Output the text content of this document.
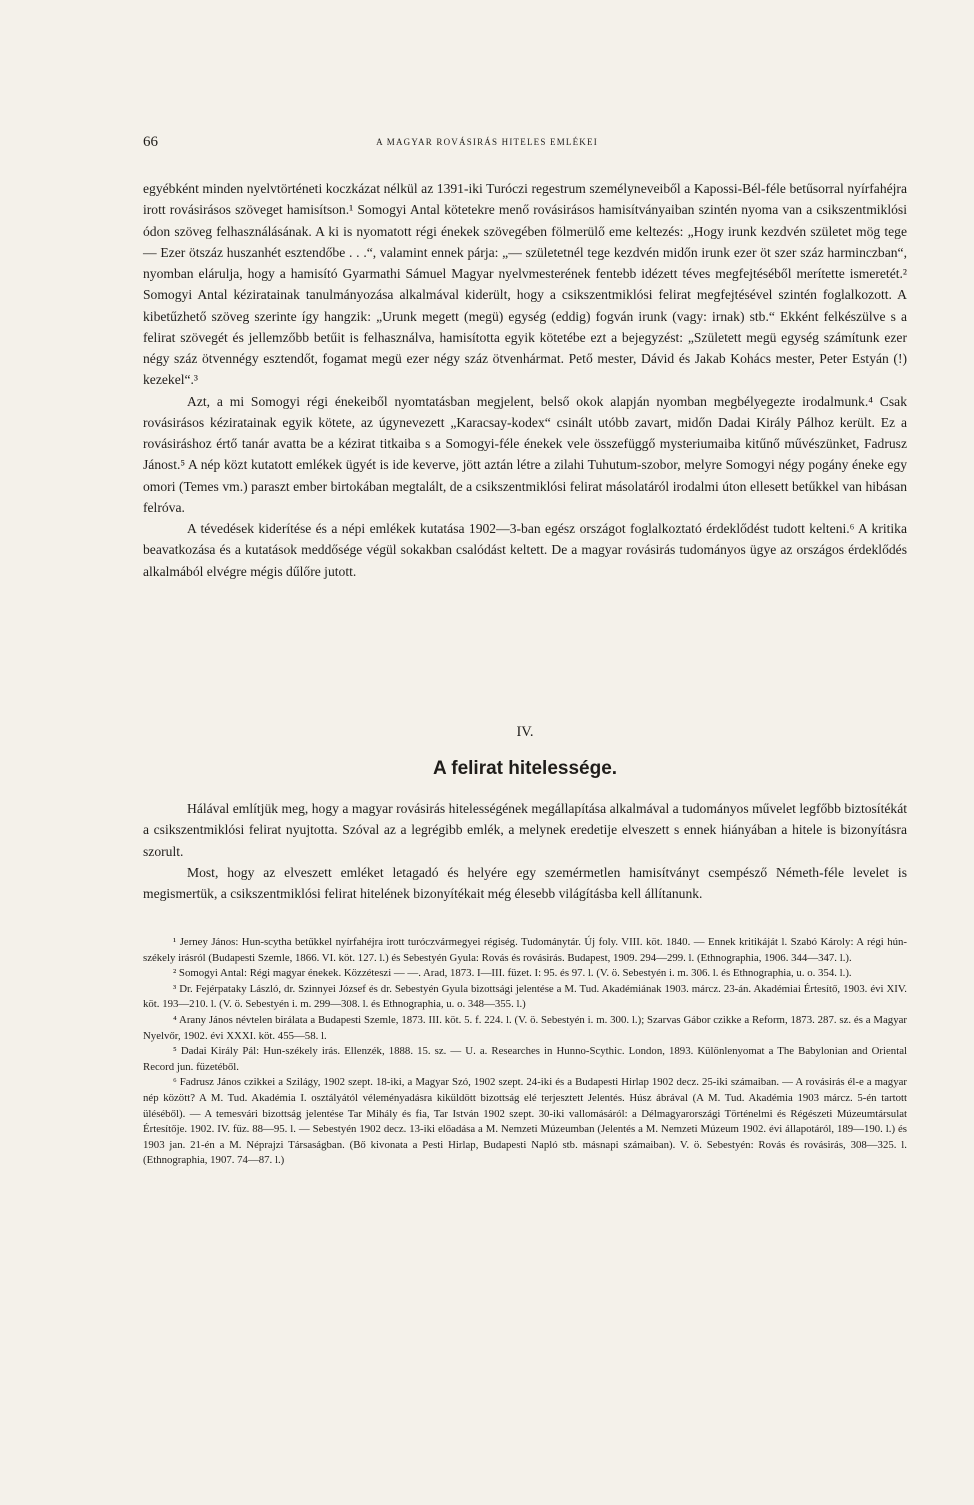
66	A MAGYAR ROVÁSIRÁS HITELES EMLÉKEI

egyébként minden nyelvtörténeti koczkázat nélkül az 1391-iki Turóczi regestrum személyneveiből a Kapossi-Bél-féle betűsorral nyírfahéjra irott rovásirásos szöveget hamisítson.¹ Somogyi Antal kötetekre menő rovásirásos hamisítványaiban szintén nyoma van a csikszentmiklósi ódon szöveg felhasználásának. A ki is nyomatott régi énekek szövegében fölmerülő eme keltezés: „Hogy irunk kezdvén születet mög tege — Ezer ötszáz huszanhét esztendőbe . . .“, valamint ennek párja: „— születetnél tege kezdvén midőn irunk ezer öt szer száz harminczban“, nyomban elárulja, hogy a hamisító Gyarmathi Sámuel Magyar nyelvmesterének fentebb idézett téves megfejtéséből merítette ismeretét.² Somogyi Antal kéziratainak tanulmányozása alkalmával kiderült, hogy a csikszentmiklósi felirat megfejtésével szintén foglalkozott. A kibetűzhető szöveg szerinte így hangzik: „Urunk megett (megü) egység (eddig) fogván irunk (vagy: irnak) stb.“ Ekként felkészülve s a felirat szövegét és jellemzőbb betűit is felhasználva, hamisította egyik kötetébe ezt a bejegyzést: „Született megü egység számítunk ezer négy száz ötvennégy esztendőt, fogamat megü ezer négy száz ötvenhármat. Pető mester, Dávid és Jakab Kohács mester, Peter Estyán (!) kezekel“.³

Azt, a mi Somogyi régi énekeiből nyomtatásban megjelent, belső okok alapján nyomban megbélyegezte irodalmunk.⁴ Csak rovásirásos kéziratainak egyik kötete, az úgynevezett „Karacsay-kodex“ csinált utóbb zavart, midőn Dadai Király Pálhoz került. Ez a rovásiráshoz értő tanár avatta be a kézirat titkaiba s a Somogyi-féle énekek vele összefüggő mysteriumaiba kitűnő művészünket, Fadrusz Jánost.⁵ A nép közt kutatott emlékek ügyét is ide keverve, jött aztán létre a zilahi Tuhutum-szobor, melyre Somogyi négy pogány éneke egy omori (Temes vm.) paraszt ember birtokában megtalált, de a csikszentmiklósi felirat másolatáról irodalmi úton ellesett betűkkel van hibásan felróva.

A tévedések kiderítése és a népi emlékek kutatása 1902—3-ban egész országot foglalkoztató érdeklődést tudott kelteni.⁶ A kritika beavatkozása és a kutatások meddősége végül sokakban csalódást keltett. De a magyar rovásirás tudományos ügye az országos érdeklődés alkalmából elvégre mégis dűlőre jutott.

IV.
A felirat hitelessége.

Hálával említjük meg, hogy a magyar rovásirás hitelességének megállapítása alkalmával a tudományos művelet legfőbb biztosítékát a csikszentmiklósi felirat nyujtotta. Szóval az a legrégibb emlék, a melynek eredetije elveszett s ennek hiányában a hitele is bizonyításra szorult.

Most, hogy az elveszett emléket letagadó és helyére egy szemérmetlen hamisítványt csempésző Németh-féle levelet is megismertük, a csikszentmiklósi felirat hitelének bizonyítékait még élesebb világításba kell állítanunk.

¹ Jerney János: Hun-scytha betűkkel nyírfahéjra irott turóczvármegyei régiség. Tudománytár. Új foly. VIII. köt. 1840. — Ennek kritikáját l. Szabó Károly: A régi hún-székely irásról (Budapesti Szemle, 1866. VI. köt. 127. l.) és Sebestyén Gyula: Rovás és rovásirás. Budapest, 1909. 294—299. l. (Ethnographia, 1906. 344—347. l.).

² Somogyi Antal: Régi magyar énekek. Közzéteszi — —. Arad, 1873. I—III. füzet. I: 95. és 97. l. (V. ö. Sebestyén i. m. 306. l. és Ethnographia, u. o. 354. l.).

³ Dr. Fejérpataky László, dr. Szinnyei József és dr. Sebestyén Gyula bizottsági jelentése a M. Tud. Akadémiának 1903. márcz. 23-án. Akadémiai Értesítő, 1903. évi XIV. köt. 193—210. l. (V. ö. Sebestyén i. m. 299—308. l. és Ethnographia, u. o. 348—355. l.)

⁴ Arany János névtelen birálata a Budapesti Szemle, 1873. III. köt. 5. f. 224. l. (V. ö. Sebestyén i. m. 300. l.); Szarvas Gábor czikke a Reform, 1873. 287. sz. és a Magyar Nyelvőr, 1902. évi XXXI. köt. 455—58. l.

⁵ Dadai Király Pál: Hun-székely irás. Ellenzék, 1888. 15. sz. — U. a. Researches in Hunno-Scythic. London, 1893. Különlenyomat a The Babylonian and Oriental Record jun. füzetéből.

⁶ Fadrusz János czikkei a Szilágy, 1902 szept. 18-iki, a Magyar Szó, 1902 szept. 24-iki és a Budapesti Hirlap 1902 decz. 25-iki számaiban. — A rovásirás él-e a magyar nép között? A M. Tud. Akadémia I. osztályától véleményadásra kiküldött bizottság elé terjesztett Jelentés. Húsz ábrával (A M. Tud. Akadémia 1903 márcz. 5-én tartott üléséből). — A temesvári bizottság jelentése Tar Mihály és fia, Tar István 1902 szept. 30-iki vallomásáról: a Délmagyarországi Történelmi és Régészeti Múzeumtársulat Értesítője. 1902. IV. füz. 88—95. l. — Sebestyén 1902 decz. 13-iki előadása a M. Nemzeti Múzeumban (Jelentés a M. Nemzeti Múzeum 1902. évi állapotáról, 189—190. l.) és 1903 jan. 21-én a M. Néprajzi Társaságban. (Bő kivonata a Pesti Hirlap, Budapesti Napló stb. másnapi számaiban). V. ö. Sebestyén: Rovás és rovásirás, 308—325. l. (Ethnographia, 1907. 74—87. l.)
